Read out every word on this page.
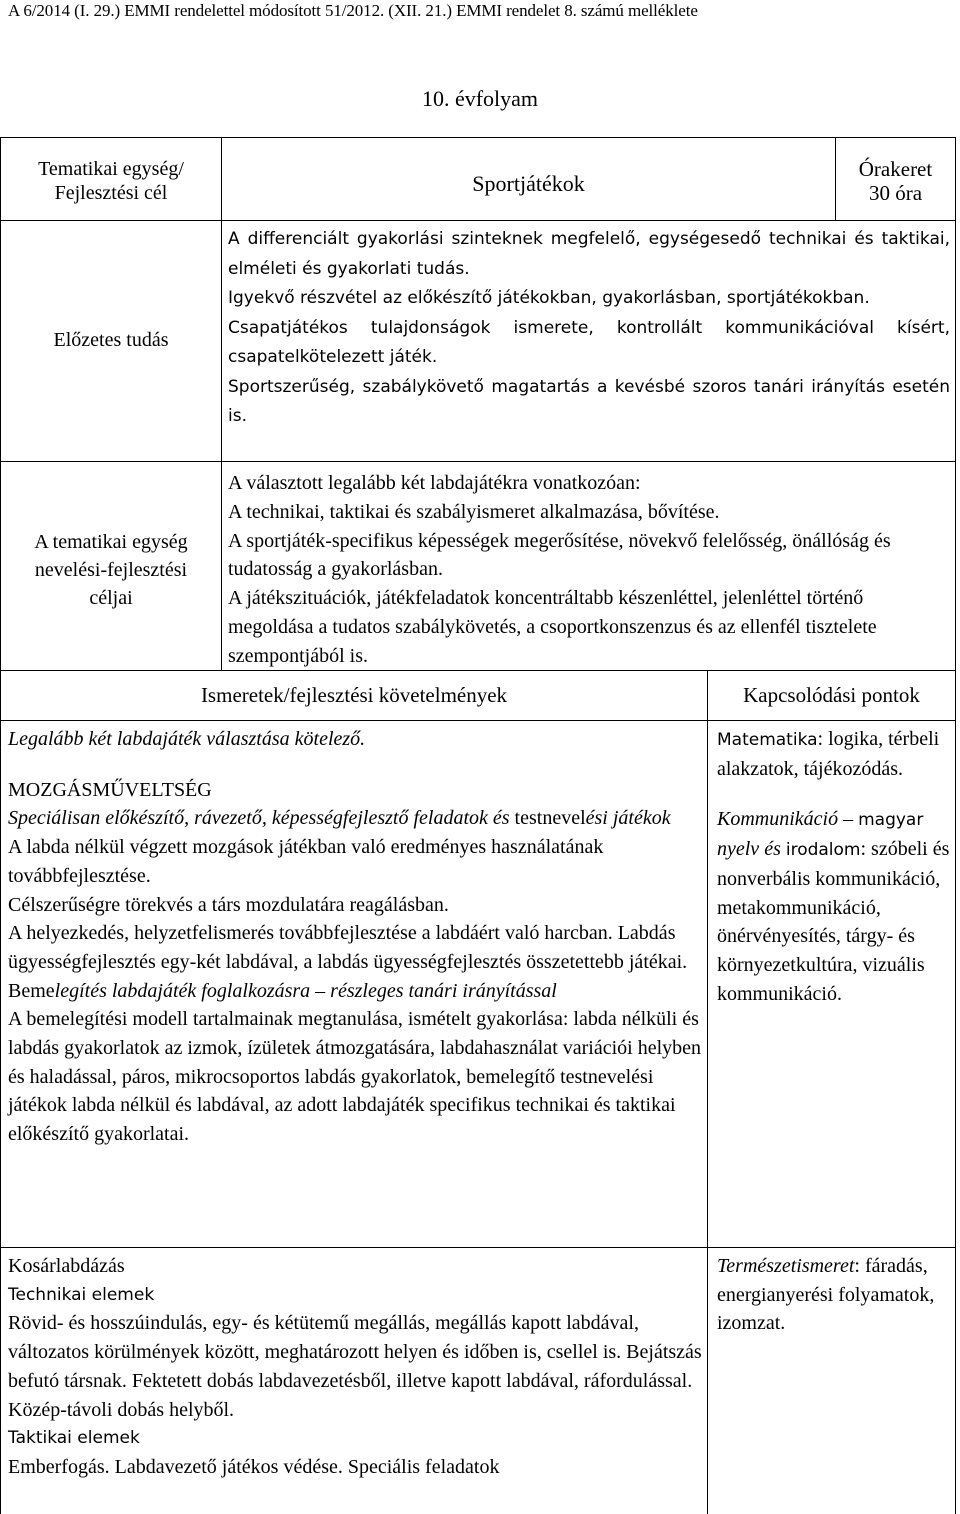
A 6/2014 (I. 29.) EMMI rendelettel módosított 51/2012. (XII. 21.) EMMI rendelet 8. számú melléklete
10. évfolyam
Tematikai egység/
Fejlesztési cél	Sportjátékok
Órakeret
30 óra
Előzetes tudás

A differenciált gyakorlási szinteknek megfelelő, egységesedő technikai és taktikai, elméleti és gyakorlati tudás.

Igyekvő részvétel az előkészítő játékokban, gyakorlásban, sportjátékokban.

Csapatjátékos tulajdonságok ismerete, kontrollált kommunikációval kísért, csapatelkötelezett játék.

Sportszerűség, szabálykövető magatartás a kevésbé szoros tanári irányítás esetén is.

A tematikai egység
nevelési-fejlesztési
céljai

A választott legalább két labdajátékra vonatkozóan:

A technikai, taktikai és szabályismeret alkalmazása, bővítése.

A sportjáték-specifikus képességek megerősítése, növekvő felelősség, önállóság és tudatosság a gyakorlásban.

A játékszituációk, játékfeladatok koncentráltabb készenléttel, jelenléttel történő megoldása a tudatos szabálykövetés, a csoportkonszenzus és az ellenfél tisztelete szempontjából is.

Ismeretek/fejlesztési követelmények	Kapcsolódási pontok

Legalább két labdajáték választása kötelező.

MOZGÁSMŰVELTSÉG

Speciálisan előkészítő, rávezető, képességfejlesztő feladatok és testnevelési játékok

A labda nélkül végzett mozgások játékban való eredményes használatának továbbfejlesztése.

Célszerűségre törekvés a társ mozdulatára reagálásban.

A helyezkedés, helyzetfelismerés továbbfejlesztése a labdáért való harcban. Labdás ügyességfejlesztés egy-két labdával, a labdás ügyességfejlesztés összetettebb játékai.

Bemelegítés labdajáték foglalkozásra – részleges tanári irányítással

A bemelegítési modell tartalmainak megtanulása, ismételt gyakorlása: labda nélküli és labdás gyakorlatok az izmok, ízületek átmozgatására, labdahasználat variációi helyben és haladással, páros, mikrocsoportos labdás gyakorlatok, bemelegítő testnevelési játékok labda nélkül és labdával, az adott labdajáték specifikus technikai és taktikai előkészítő gyakorlatai.

Matematika: logika, térbeli alakzatok, tájékozódás.

Kommunikáció – magyar nyelv és irodalom: szóbeli és nonverbális kommunikáció, metakommunikáció, önérvényesítés, tárgy- és környezetkultúra, vizuális kommunikáció.

Kosárlabdázás

Technikai elemek

Rövid- és hosszúindulás, egy- és kétütemű megállás, megállás kapott labdával, változatos körülmények között, meghatározott helyen és időben is, csellel is. Bejátszás befutó társnak. Fektetett dobás labdavezetésből, illetve kapott labdával, ráfordulással. Közép-távoli dobás helyből.

Taktikai elemek

Emberfogás. Labdavezető játékos védése. Speciális feladatok

Természetismeret: fáradás, energianyerési folyamatok, izomzat.
